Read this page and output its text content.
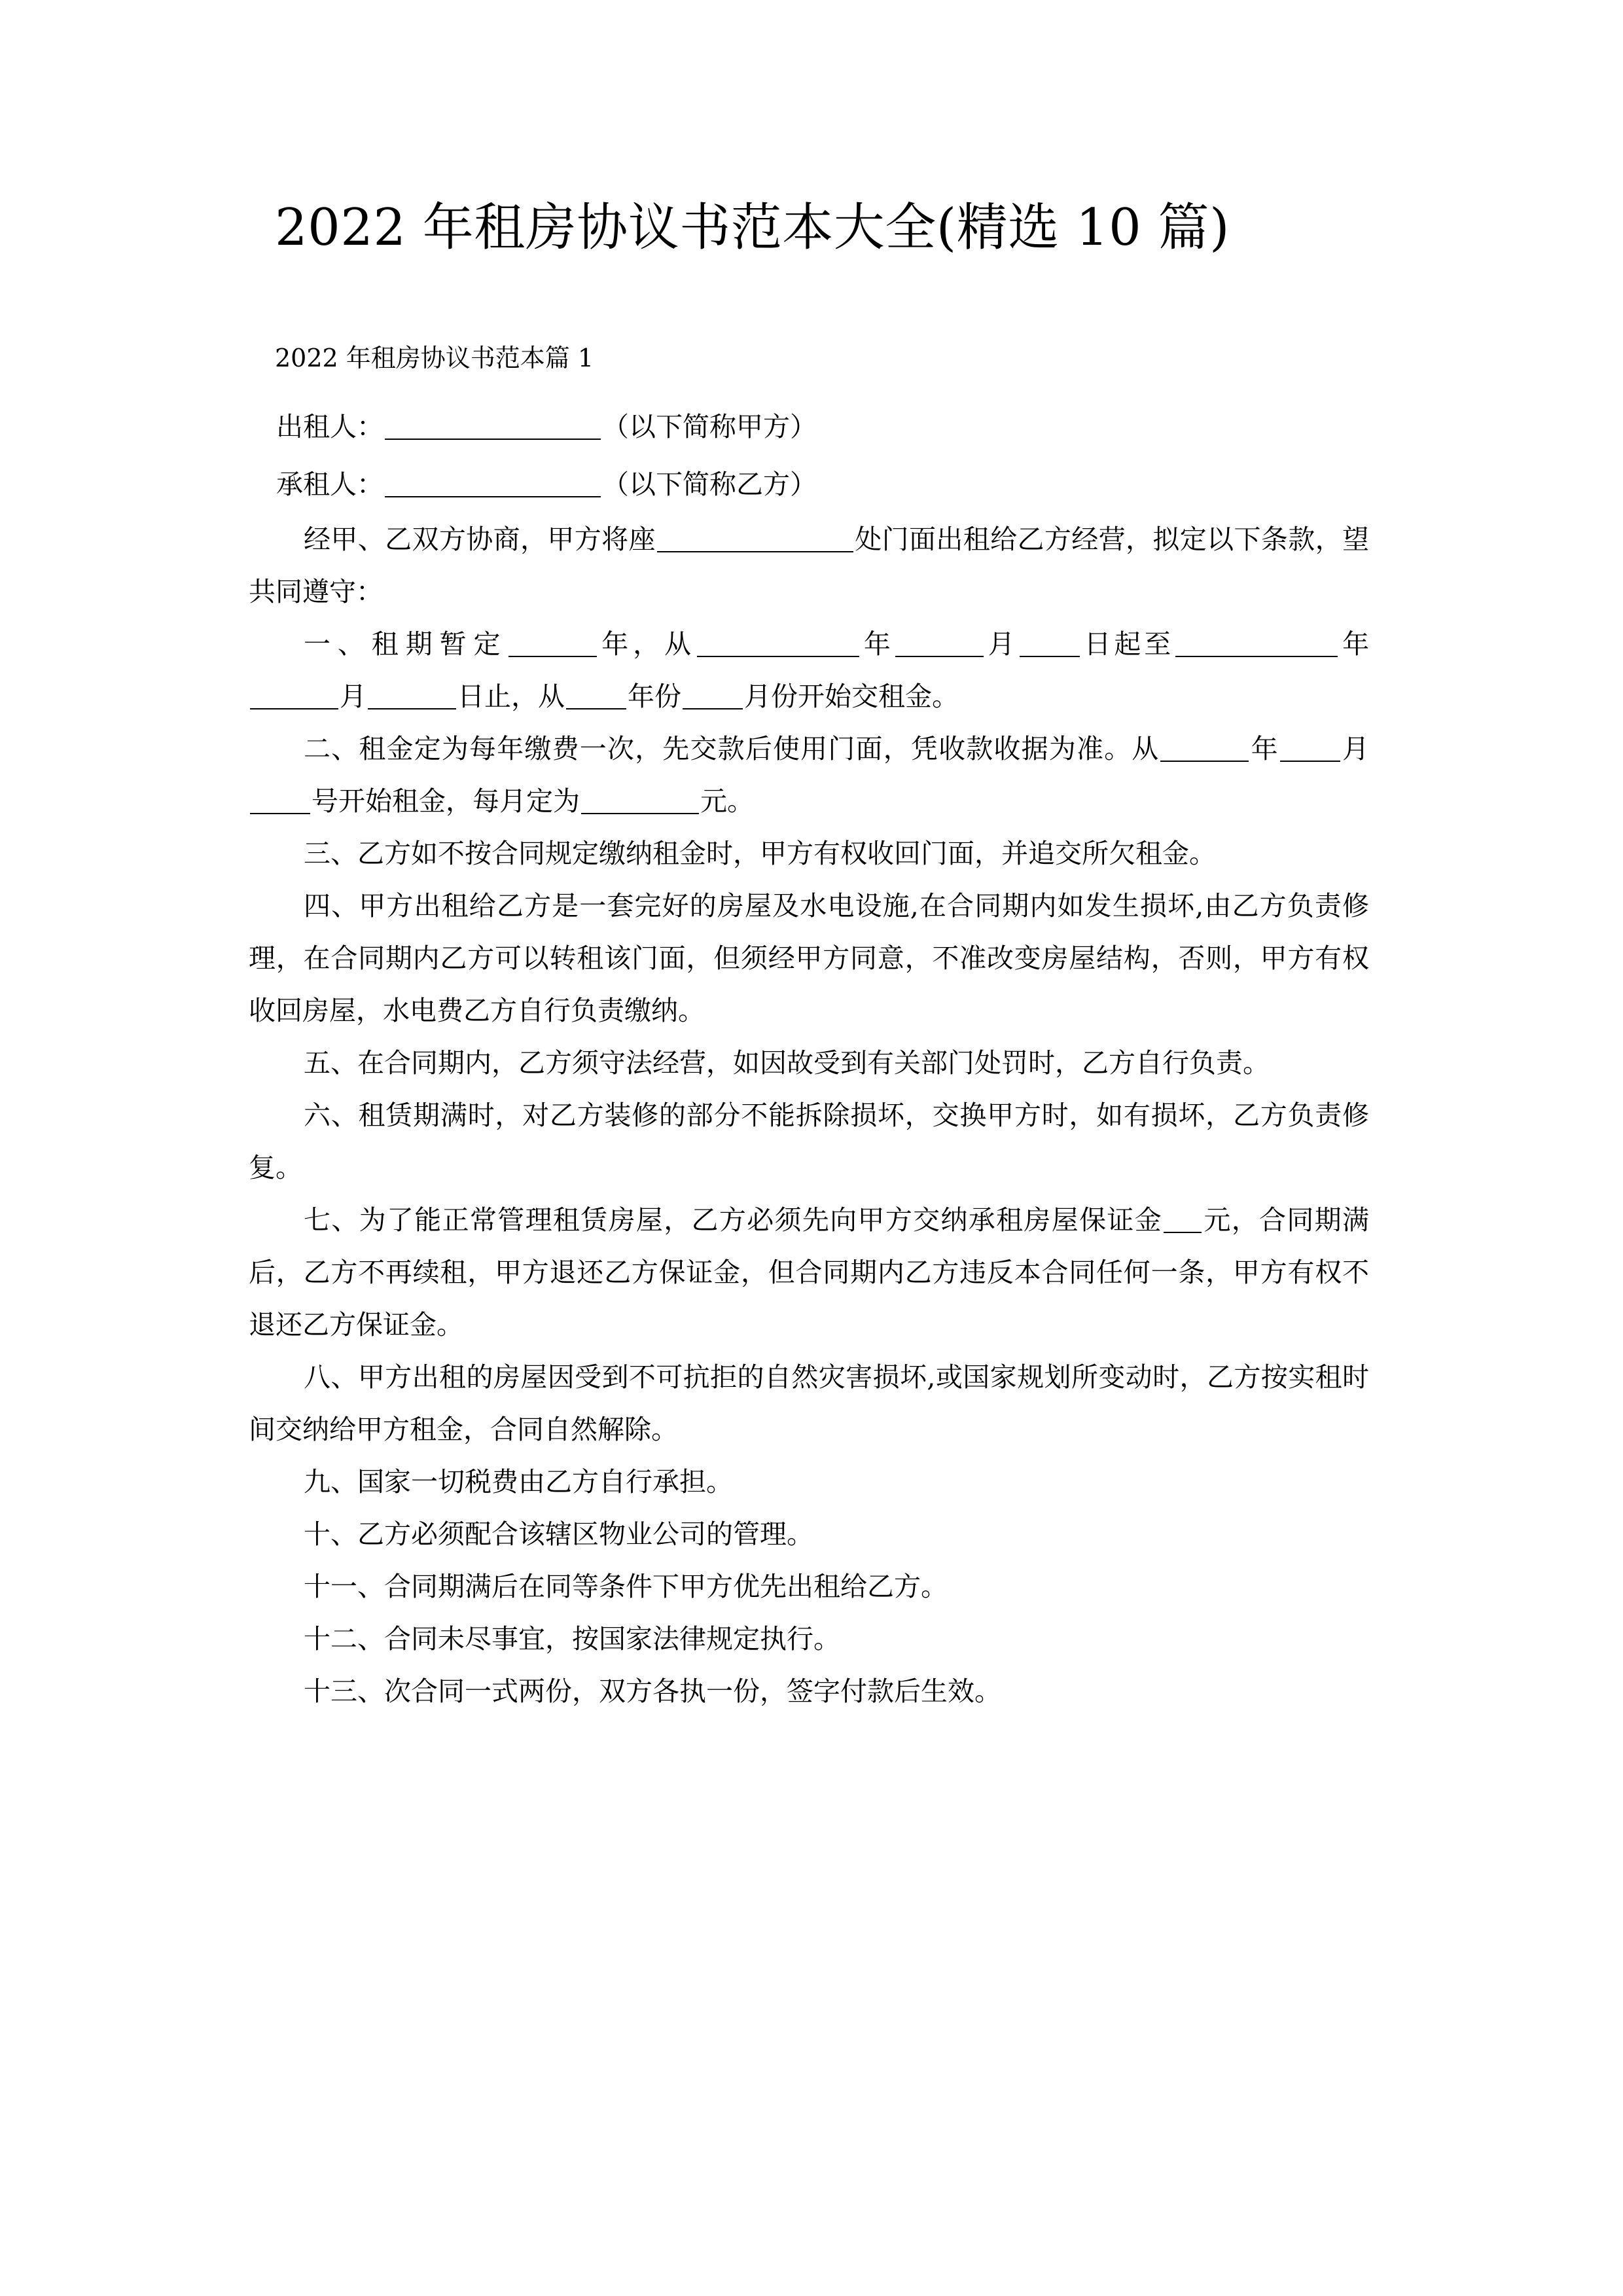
2022 年租房协议书范本大全(精选 10 篇)

2022 年租房协议书范本篇 1

出租人：	（以下简称甲方）

承租人：	（以下简称乙方）

经甲、乙双方协商，甲方将座	处门面出租给乙方经营，拟定以下条款，望共同遵守：

一、租期暂定	年，从	年	月 日起至	年月	日止，从 年份 月份开始交租金。

二、租金定为每年缴费一次，先交款后使用门面，凭收款收据为准。从	年 月号开始租金，每月定为	元。

三、乙方如不按合同规定缴纳租金时，甲方有权收回门面，并追交所欠租金。

四、甲方出租给乙方是一套完好的房屋及水电设施,在合同期内如发生损坏,由乙方负责修理，在合同期内乙方可以转租该门面，但须经甲方同意，不准改变房屋结构，否则，甲方有权收回房屋，水电费乙方自行负责缴纳。

五、在合同期内，乙方须守法经营，如因故受到有关部门处罚时，乙方自行负责。

六、租赁期满时，对乙方装修的部分不能拆除损坏，交换甲方时，如有损坏，乙方负责修复。

七、为了能正常管理租赁房屋，乙方必须先向甲方交纳承租房屋保证金 元，合同期满后，乙方不再续租，甲方退还乙方保证金，但合同期内乙方违反本合同任何一条，甲方有权不退还乙方保证金。

八、甲方出租的房屋因受到不可抗拒的自然灾害损坏,或国家规划所变动时，乙方按实租时间交纳给甲方租金，合同自然解除。

九、国家一切税费由乙方自行承担。

十、乙方必须配合该辖区物业公司的管理。

十一、合同期满后在同等条件下甲方优先出租给乙方。

十二、合同未尽事宜，按国家法律规定执行。

十三、次合同一式两份，双方各执一份，签字付款后生效。
